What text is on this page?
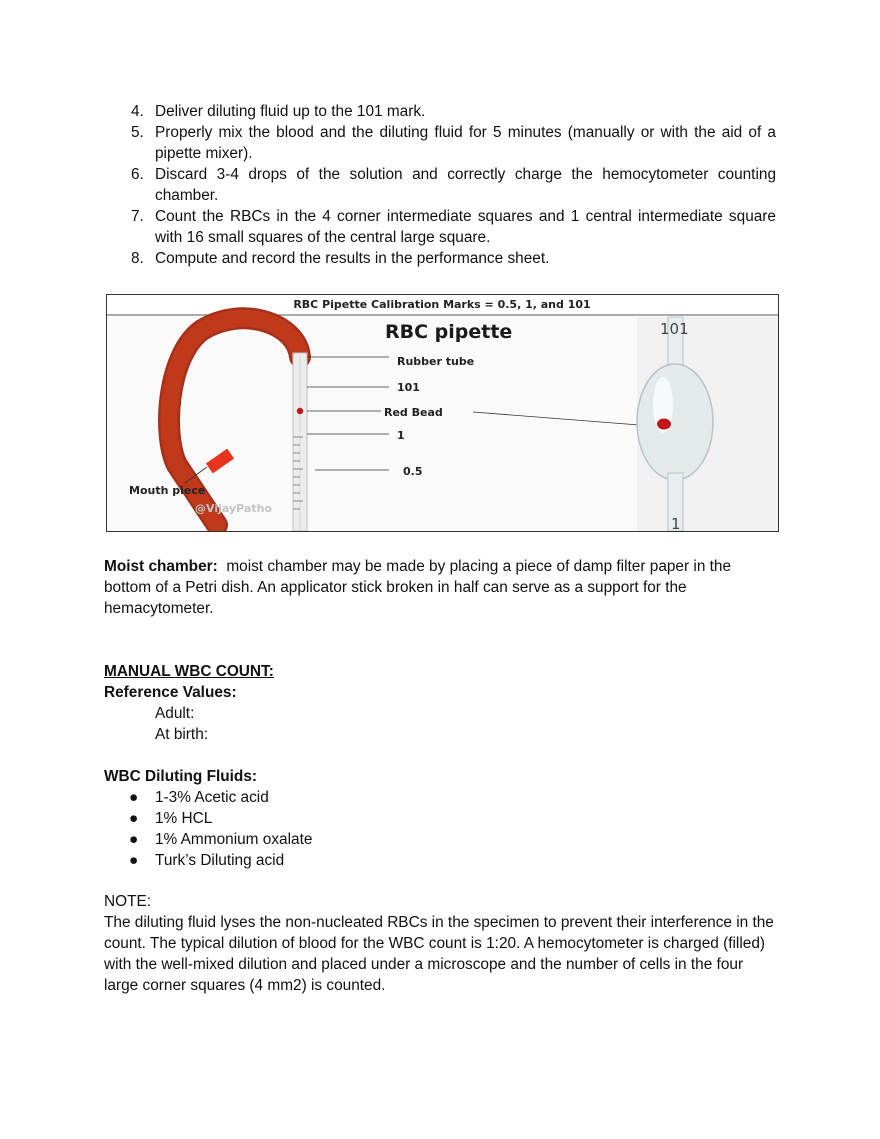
4. Deliver diluting fluid up to the 101 mark.
5. Properly mix the blood and the diluting fluid for 5 minutes (manually or with the aid of a pipette mixer).
6. Discard 3-4 drops of the solution and correctly charge the hemocytometer counting chamber.
7. Count the RBCs in the 4 corner intermediate squares and 1 central intermediate square with 16 small squares of the central large square.
8. Compute and record the results in the performance sheet.
RBC Pipette Calibration Marks = 0.5, 1, and 101
RBC pipette
Rubber tube
101
Red Bead
1
0.5
Mouth piece
@VijayPatho
101
1
Moist chamber: moist chamber may be made by placing a piece of damp filter paper in the bottom of a Petri dish. An applicator stick broken in half can serve as a support for the hemacytometer.
MANUAL WBC COUNT:
Reference Values:
Adult:
At birth:
WBC Diluting Fluids:
● 1-3% Acetic acid
● 1% HCL
● 1% Ammonium oxalate
● Turk’s Diluting acid
NOTE:
The diluting fluid lyses the non-nucleated RBCs in the specimen to prevent their interference in the count. The typical dilution of blood for the WBC count is 1:20. A hemocytometer is charged (filled) with the well-mixed dilution and placed under a microscope and the number of cells in the four large corner squares (4 mm2) is counted.
